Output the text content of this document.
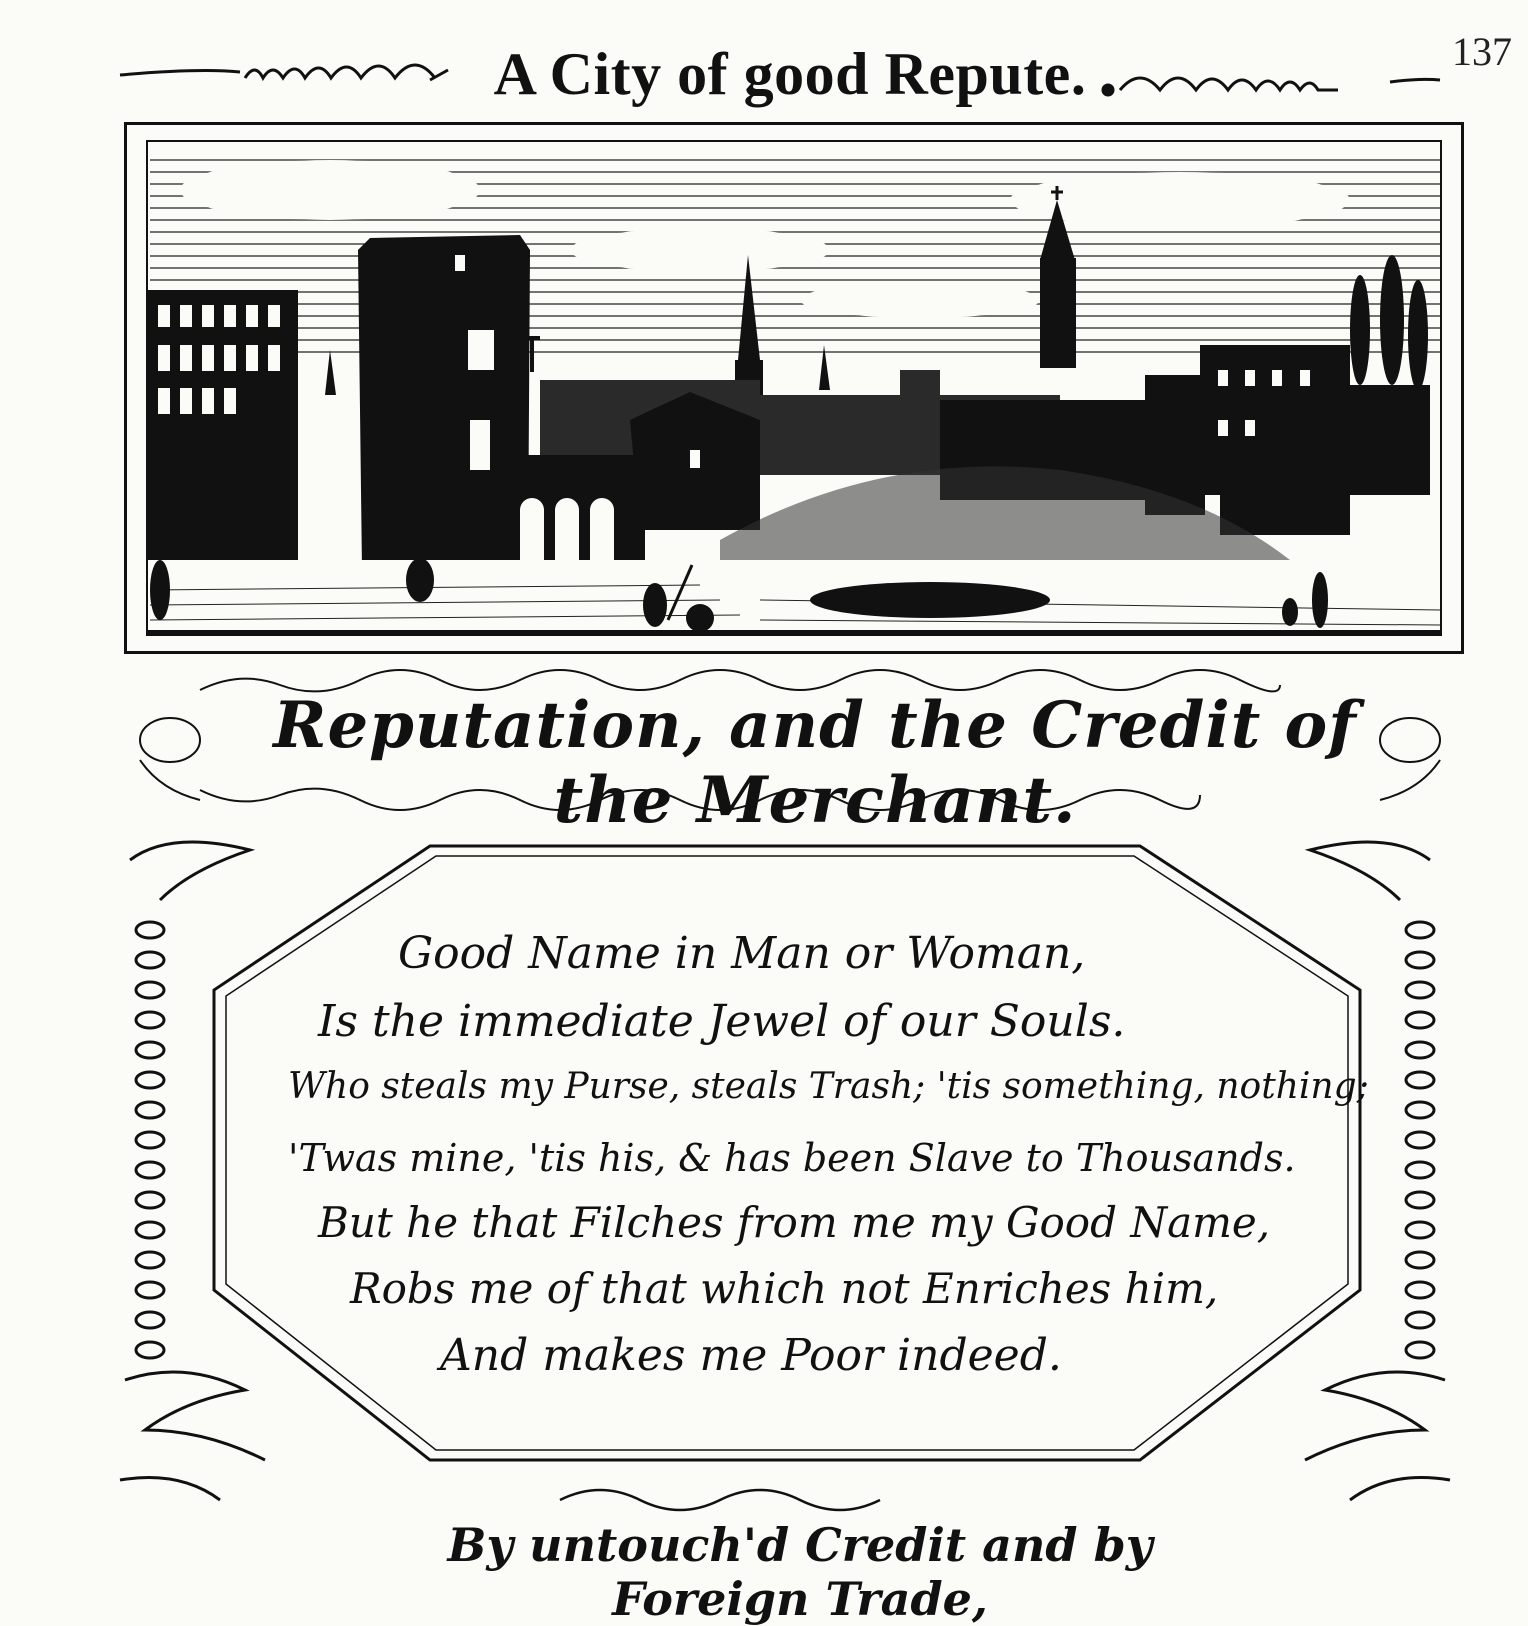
137
A City of good Repute.
Reputation, and the Credit of the Merchant.
Good Name in Man or Woman,
Is the immediate Jewel of our Souls.
Who steals my Purse, steals Trash; 'tis something, nothing;
'Twas mine, 'tis his, & has been Slave to Thousands.
But he that Filches from me my Good Name,
Robs me of that which not Enriches him,
And makes me Poor indeed.
By untouch'd Credit and by Foreign Trade,
